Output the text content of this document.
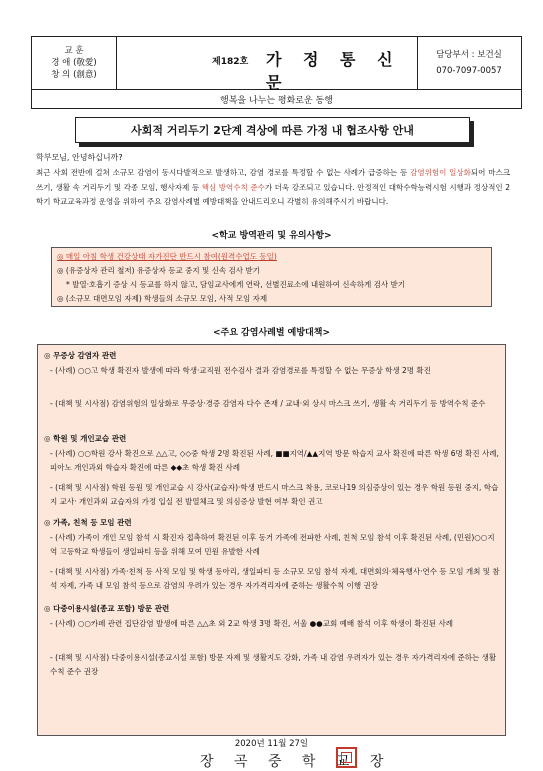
교 훈
경 애 (敬愛)
창 의 (創意)
제182호 가 정 통 신 문
담당부서 : 보건실
070-7097-0057
행복을 나누는 평화로운 동행
사회적 거리두기 2단계 격상에 따른 가정 내 협조사항 안내
학부모님, 안녕하십니까?
최근 사회 전반에 걸쳐 소규모 감염이 동시다발적으로 발생하고, 감염 경로를 특정할 수 없는 사례가 급증하는 등 감염위험이 일상화되어 마스크 쓰기, 생활 속 거리두기 및 각종 모임, 행사자제 등 핵심 방역수칙 준수가 더욱 강조되고 있습니다. 안정적인 대학수학능력시험 시행과 정상적인 2학기 학교교육과정 운영을 위하여 주요 감염사례별 예방대책을 안내드리오니 각별히 유의해주시기 바랍니다.
<학교 방역관리 및 유의사항>
◎ 매일 아침 학생 건강상태 자가진단 반드시 참여(원격수업도 동일)
◎ (유증상자 관리 철저) 유증상자 등교 중지 및 신속 검사 받기
* 발열·호흡기 증상 시 등교를 하지 않고, 담임교사에게 연락, 선별진료소에 내원하여 신속하게 검사 받기
◎ (소규모 대면모임 자제) 학생들의 소규모 모임, 사적 모임 자제
<주요 감염사례별 예방대책>
◎ 무증상 감염자 관련
- (사례) ○○고 학생 확진자 발생에 따라 학생·교직원 전수검사 결과 감염경로를 특정할 수 없는 무증상 학생 2명 확진
- (대책 및 시사점) 감염위험의 일상화로 무증상·경증 감염자 다수 존재 / 교내·외 상시 마스크 쓰기, 생활 속 거리두기 등 방역수칙 준수
◎ 학원 및 개인교습 관련
- (사례) ○○학원 강사 확진으로 △△고, ◇◇중 학생 2명 확진된 사례, ■■지역/▲▲지역 방문 학습지 교사 확진에 따른 학생 6명 확진 사례, 피아노 개인과외 학습자 확진에 따른 ◆◆초 학생 확진 사례
- (대책 및 시사점) 학원 등원 및 개인교습 시 강사(교습자)·학생 반드시 마스크 착용, 코로나19 의심증상이 있는 경우 학원 등원 중지, 학습지 교사· 개인과외 교습자의 가정 입실 전 발열체크 및 의심증상 발현 여부 확인 권고
◎ 가족, 친척 등 모임 관련
- (사례) 가족이 개인 모임 참석 시 확진자 접촉하여 확진된 이후 동거 가족에 전파한 사례, 친척 모임 참석 이후 확진된 사례, (민원)○○지역 고등학교 학생들이 생일파티 등을 위해 모여 민원 유발한 사례
- (대책 및 시사점) 가족·친척 등 사적 모임 및 학생 동아리, 생일파티 등 소규모 모임 참석 자제, 대면회의·체육행사·연수 등 모임 개최 및 참석 자제, 가족 내 모임 참석 등으로 감염의 우려가 있는 경우 자가격리자에 준하는 생활수칙 이행 권장
◎ 다중이용시설(종교 포함) 방문 관련
- (사례) ○○카페 관련 집단감염 발생에 따른 △△초 외 2교 학생 3명 확진, 서울 ●●교회 예배 참석 이후 학생이 확진된 사례
- (대책 및 시사점) 다중이용시설(종교시설 포함) 방문 자제 및 생활지도 강화, 가족 내 감염 우려자가 있는 경우 자가격리자에 준하는 생활수칙 준수 권장
2020년 11월 27일
장 곡 중 학 교 장
